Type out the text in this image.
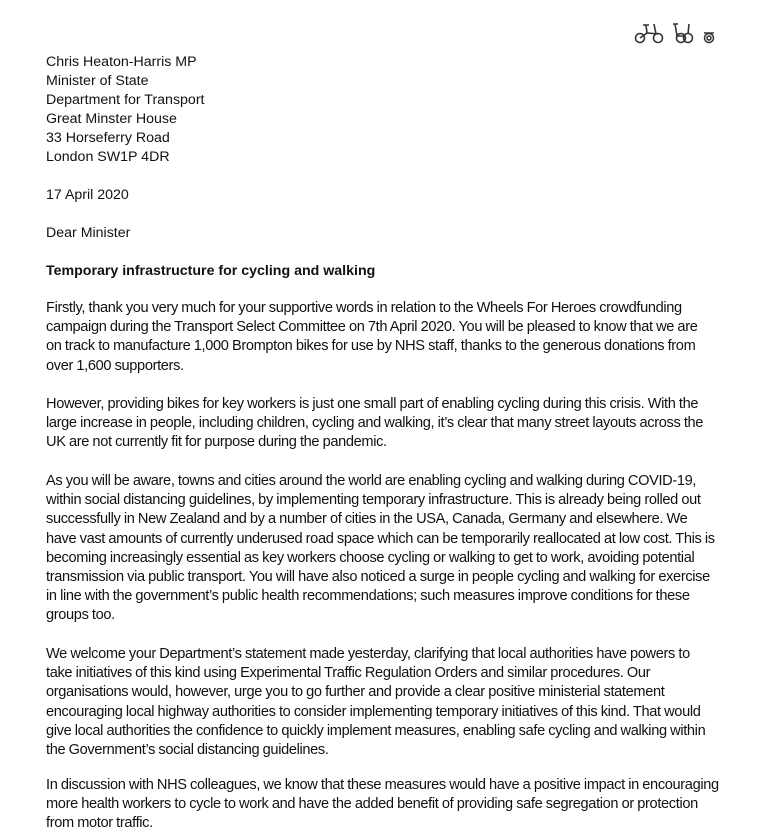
Chris Heaton-Harris MP
Minister of State
Department for Transport
Great Minster House
33 Horseferry Road
London SW1P 4DR
17 April 2020
Dear Minister
Temporary infrastructure for cycling and walking
Firstly, thank you very much for your supportive words in relation to the Wheels For Heroes crowdfunding
campaign during the Transport Select Committee on 7th April 2020. You will be pleased to know that we are
on track to manufacture 1,000 Brompton bikes for use by NHS staff, thanks to the generous donations from
over 1,600 supporters.
However, providing bikes for key workers is just one small part of enabling cycling during this crisis. With the
large increase in people, including children, cycling and walking, it’s clear that many street layouts across the
UK are not currently fit for purpose during the pandemic.
As you will be aware, towns and cities around the world are enabling cycling and walking during COVID-19,
within social distancing guidelines, by implementing temporary infrastructure. This is already being rolled out
successfully in New Zealand and by a number of cities in the USA, Canada, Germany and elsewhere. We
have vast amounts of currently underused road space which can be temporarily reallocated at low cost. This is
becoming increasingly essential as key workers choose cycling or walking to get to work, avoiding potential
transmission via public transport. You will have also noticed a surge in people cycling and walking for exercise
in line with the government’s public health recommendations; such measures improve conditions for these
groups too.
We welcome your Department’s statement made yesterday, clarifying that local authorities have powers to
take initiatives of this kind using Experimental Traffic Regulation Orders and similar procedures. Our
organisations would, however, urge you to go further and provide a clear positive ministerial statement
encouraging local highway authorities to consider implementing temporary initiatives of this kind. That would
give local authorities the confidence to quickly implement measures, enabling safe cycling and walking within
the Government’s social distancing guidelines.
In discussion with NHS colleagues, we know that these measures would have a positive impact in encouraging
more health workers to cycle to work and have the added benefit of providing safe segregation or protection
from motor traffic.
